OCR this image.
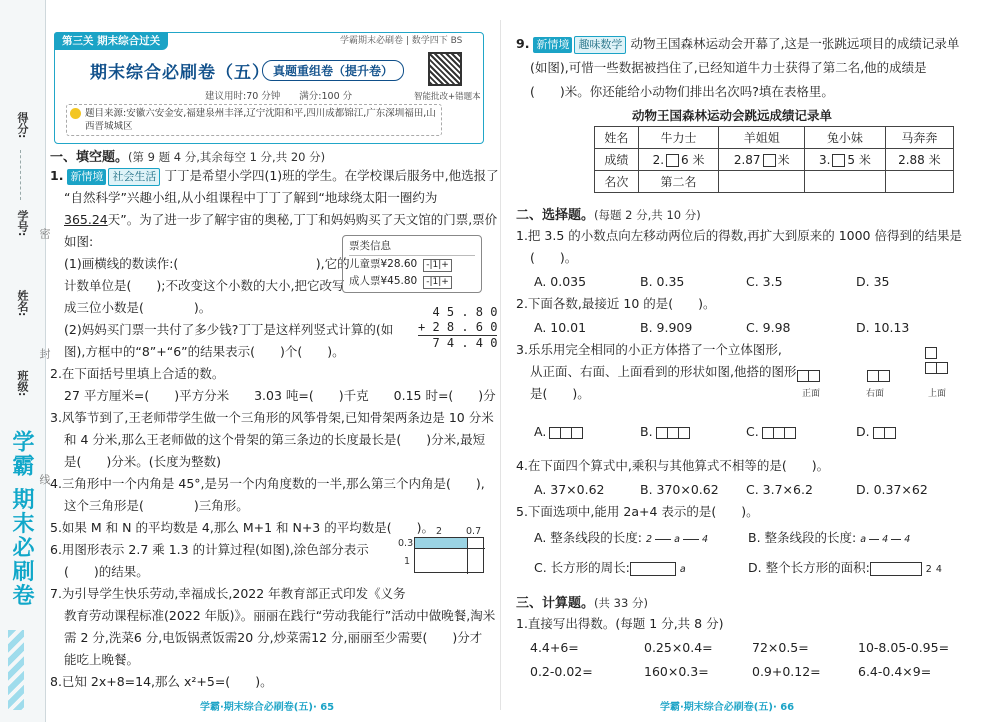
得分:
学号: 密
姓名:
封
班级:
线
学霸 期末必刷卷
第三关 期末综合过关	学霸期末必刷卷 | 数学四下 BS
期末综合必刷卷（五） 真题重组卷（提升卷）
建议用时:70 分钟　　满分:100 分	智能批改+错题本
题目来源:安徽六安金安,福建泉州丰泽,辽宁沈阳和平,四川成都锦江,广东深圳福田,山西晋城城区
一、填空题。(第 9 题 4 分,其余每空 1 分,共 20 分)
1. 新情境 社会生活 丁丁是希望小学四(1)班的学生。在学校课后服务中,他选报了
“自然科学”兴趣小组,从小组课程中丁丁了解到“地球绕太阳一圈约为
365.24天”。为了进一步了解宇宙的奥秘,丁丁和妈妈购买了天文馆的门票,票价
如图:
(1)画横线的数读作:(　　　　　　　　　　　),它的
计数单位是(　　);不改变这个小数的大小,把它改写
成三位小数是(　　　　)。
(2)妈妈买门票一共付了多少钱?丁丁是这样列竖式计算的(如
图),方框中的“8”+“6”的结果表示(　　)个(　　)。
票类信息
儿童票¥28.60 -|1|+
成人票¥45.80 -|1|+
4 5 . 8 0
+ 2 8 . 6 0
7 4 . 4 0
2.在下面括号里填上合适的数。
27 平方厘米=(　　)平方分米　　3.03 吨=(　　)千克　　0.15 时=(　　)分
3.风筝节到了,王老师带学生做一个三角形的风筝骨架,已知骨架两条边是 10 分米
和 4 分米,那么王老师做的这个骨架的第三条边的长度最长是(　　)分米,最短
是(　　)分米。(长度为整数)
4.三角形中一个内角是 45°,是另一个内角度数的一半,那么第三个内角是(　　),
这个三角形是(　　　　)三角形。
5.如果 M 和 N 的平均数是 4,那么 M+1 和 N+3 的平均数是(　　)。
6.用图形表示 2.7 乘 1.3 的计算过程(如图),涂色部分表示
(　　)的结果。
2	0.7
0.3
1
7.为引导学生快乐劳动,幸福成长,2022 年教育部正式印发《义务
教育劳动课程标准(2022 年版)》。丽丽在践行“劳动我能行”活动中做晚餐,淘米
需 2 分,洗菜6 分,电饭锅煮饭需20 分,炒菜需12 分,丽丽至少需要(　　)分才
能吃上晚餐。
8.已知 2x+8=14,那么 x²+5=(　　)。
学霸·期末综合必刷卷(五)· 65
9. 新情境 趣味数学 动物王国森林运动会开幕了,这是一张跳远项目的成绩记录单
(如图),可惜一些数据被挡住了,已经知道牛力士获得了第二名,他的成绩是
(　　)米。你还能给小动物们排出名次吗?填在表格里。
动物王国森林运动会跳远成绩记录单
姓名	牛力士	羊姐姐	兔小妹	马奔奔
成绩	2. 6 米	2.87 米	3. 5 米	2.88 米
名次	第二名			
二、选择题。(每题 2 分,共 10 分)
1.把 3.5 的小数点向左移动两位后的得数,再扩大到原来的 1000 倍得到的结果是
(　　)。
A. 0.035	B. 0.35	C. 3.5	D. 35
2.下面各数,最接近 10 的是(　　)。
A. 10.01	B. 9.909	C. 9.98	D. 10.13
3.乐乐用完全相同的小正方体搭了一个立体图形,
从正面、右面、上面看到的形状如图,他搭的图形
是(　　)。	正面	右面	上面
A.	B.	C.	D.
4.在下面四个算式中,乘积与其他算式不相等的是(　　)。
A. 37×0.62	B. 370×0.62 C. 3.7×6.2	D. 0.37×62
5.下面选项中,能用 2a+4 表示的是(　　)。
A. 整条线段的长度: 2 a 4	B. 整条线段的长度: a 4 4
C. 长方形的周长:	a	D. 整个长方形的面积:	2 4
三、计算题。(共 33 分)
1.直接写出得数。(每题 1 分,共 8 分)
4.4+6=	0.25×0.4=	72×0.5=	10-8.05-0.95=
0.2-0.02=	160×0.3=	0.9+0.12=	6.4-0.4×9=
学霸·期末综合必刷卷(五)· 66
